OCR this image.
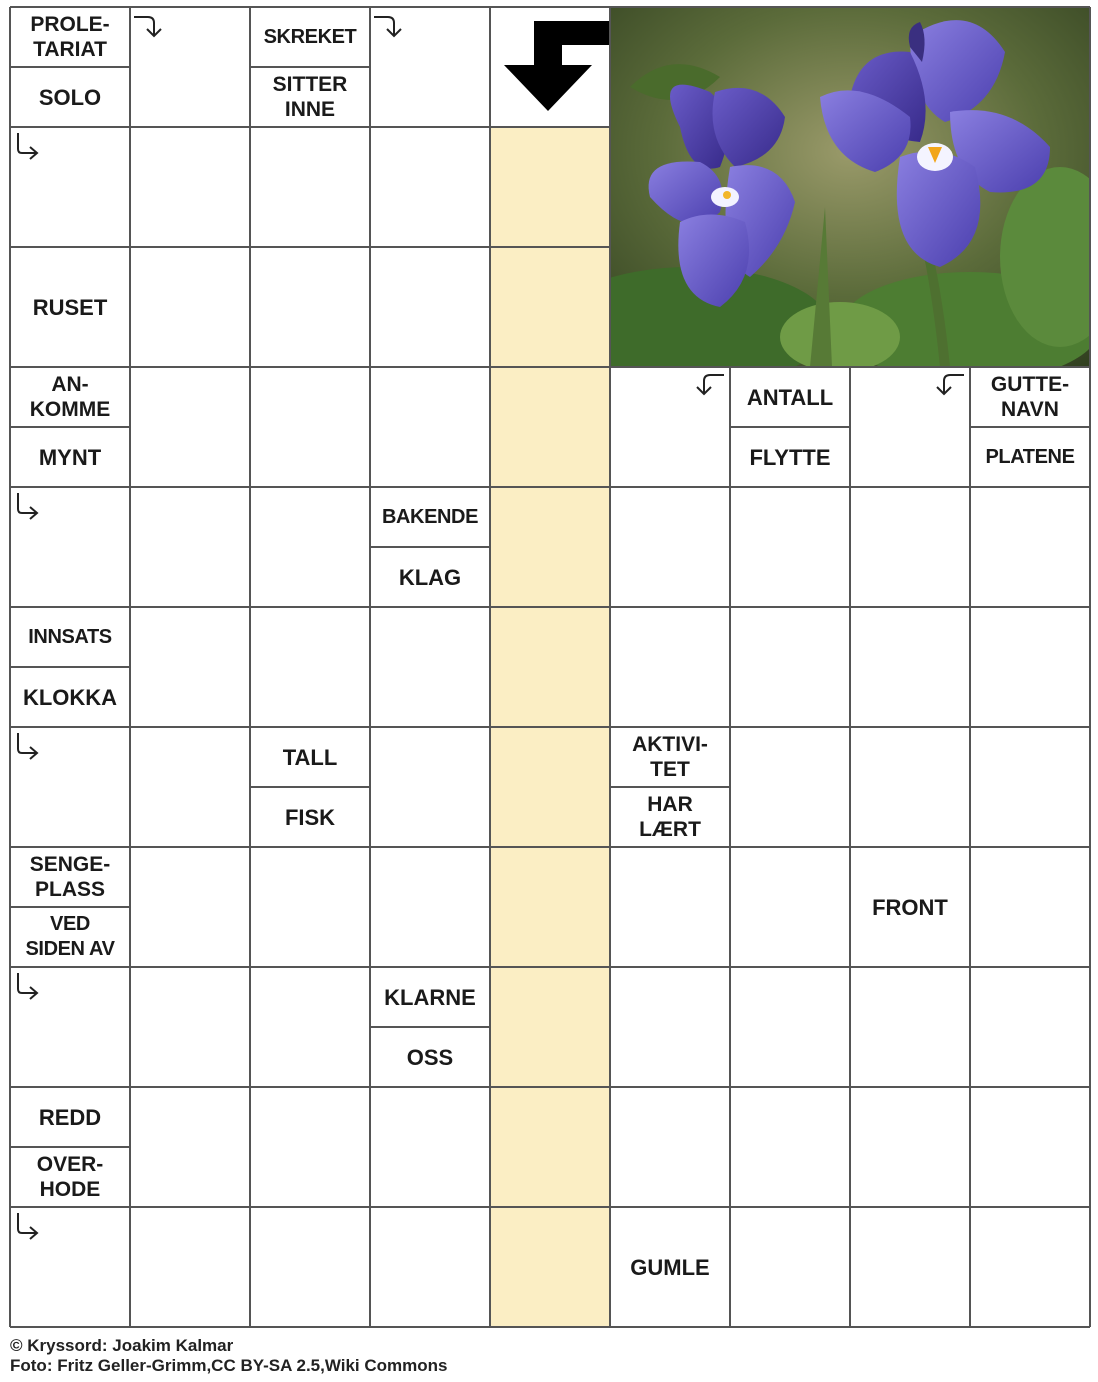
PROLE-
TARIAT
SOLO
SKREKET
SITTER
INNE
RUSET
AN-
KOMME
MYNT
ANTALL
FLYTTE
GUTTE-
NAVN
PLATENE
BAKENDE
KLAG
INNSATS
KLOKKA
TALL
FISK
AKTIVI-
TET
HAR
LÆRT
SENGE-
PLASS
VED
SIDEN AV
FRONT
KLARNE
OSS
REDD
OVER-
HODE
GUMLE
© Kryssord: Joakim Kalmar
Foto: Fritz Geller-Grimm,CC BY-SA 2.5,Wiki Commons
